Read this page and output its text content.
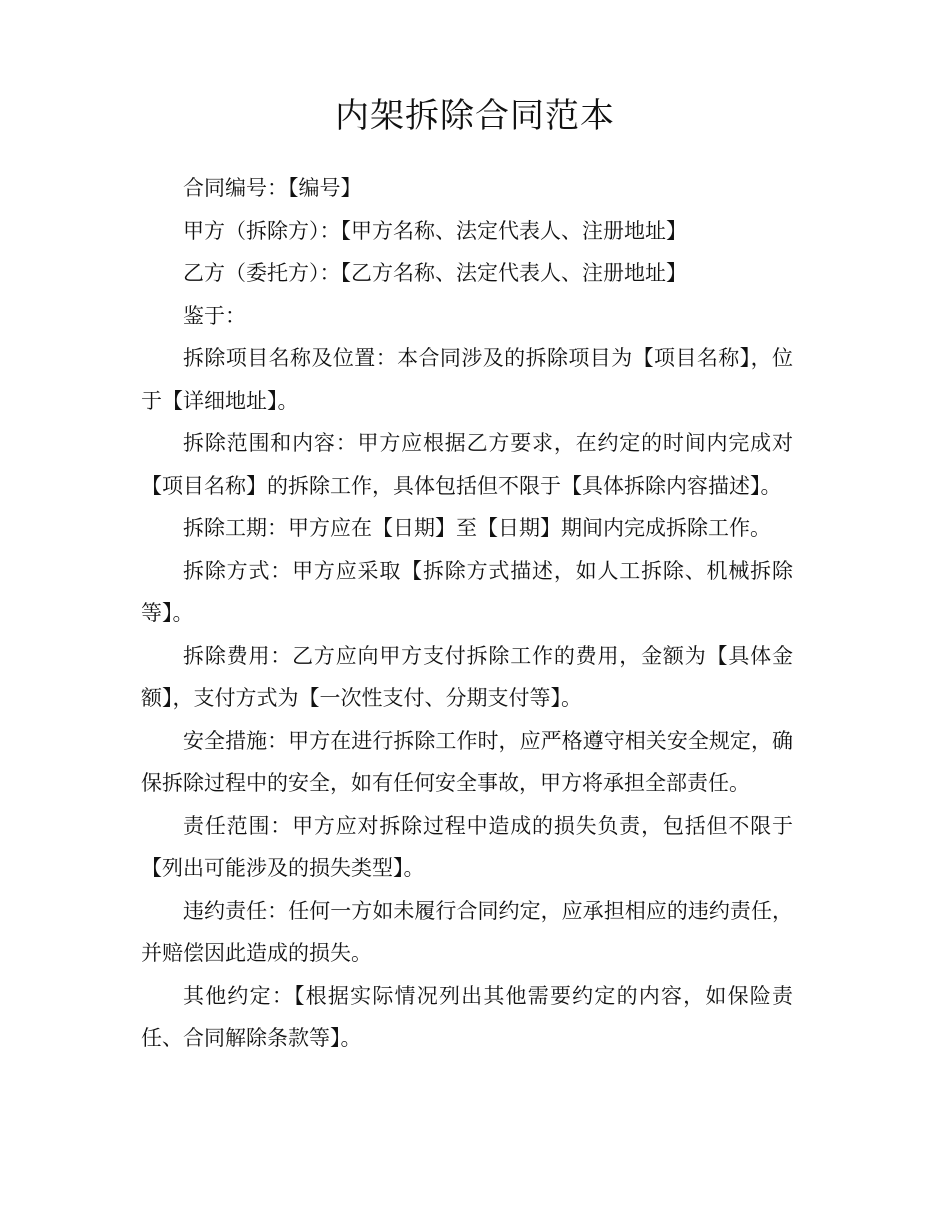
内架拆除合同范本

合同编号：【编号】

甲方（拆除方）：【甲方名称、法定代表人、注册地址】

乙方（委托方）：【乙方名称、法定代表人、注册地址】

鉴于：

拆除项目名称及位置：本合同涉及的拆除项目为【项目名称】，位于【详细地址】。

拆除范围和内容：甲方应根据乙方要求，在约定的时间内完成对【项目名称】的拆除工作，具体包括但不限于【具体拆除内容描述】。

拆除工期：甲方应在【日期】至【日期】期间内完成拆除工作。

拆除方式：甲方应采取【拆除方式描述，如人工拆除、机械拆除等】。

拆除费用：乙方应向甲方支付拆除工作的费用，金额为【具体金额】，支付方式为【一次性支付、分期支付等】。

安全措施：甲方在进行拆除工作时，应严格遵守相关安全规定，确保拆除过程中的安全，如有任何安全事故，甲方将承担全部责任。

责任范围：甲方应对拆除过程中造成的损失负责，包括但不限于【列出可能涉及的损失类型】。

违约责任：任何一方如未履行合同约定，应承担相应的违约责任，并赔偿因此造成的损失。

其他约定：【根据实际情况列出其他需要约定的内容，如保险责任、合同解除条款等】。
